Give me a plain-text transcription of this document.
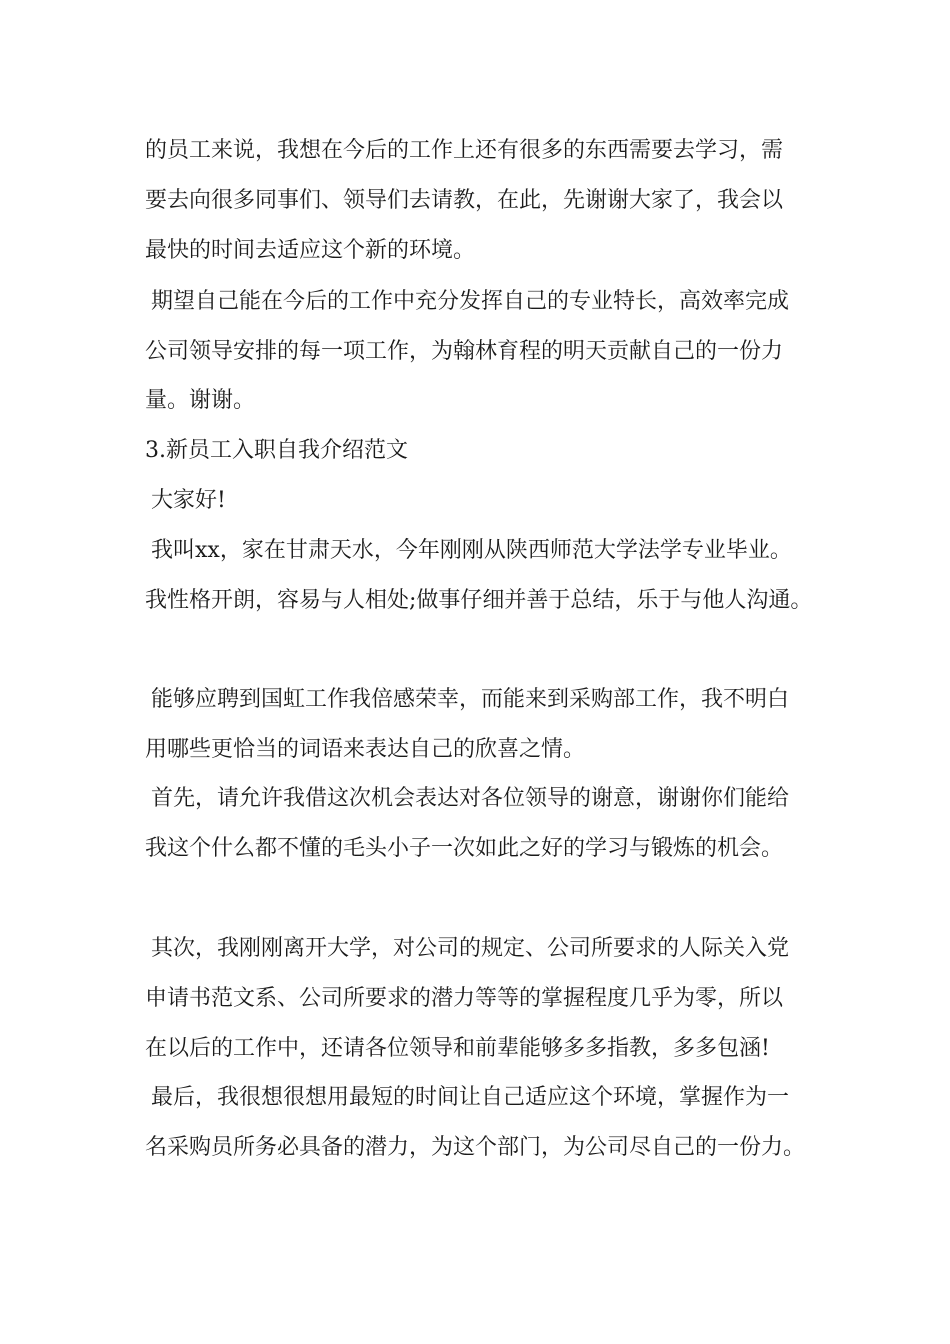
的员工来说，我想在今后的工作上还有很多的东西需要去学习，需
要去向很多同事们、领导们去请教，在此，先谢谢大家了，我会以
最快的时间去适应这个新的环境。
期望自己能在今后的工作中充分发挥自己的专业特长，高效率完成
公司领导安排的每一项工作，为翰林育程的明天贡献自己的一份力
量。谢谢。
3.新员工入职自我介绍范文
大家好!
我叫xx，家在甘肃天水，今年刚刚从陕西师范大学法学专业毕业。
我性格开朗，容易与人相处;做事仔细并善于总结，乐于与他人沟通。
能够应聘到国虹工作我倍感荣幸，而能来到采购部工作，我不明白
用哪些更恰当的词语来表达自己的欣喜之情。
首先，请允许我借这次机会表达对各位领导的谢意，谢谢你们能给
我这个什么都不懂的毛头小子一次如此之好的学习与锻炼的机会。
其次，我刚刚离开大学，对公司的规定、公司所要求的人际关入党
申请书范文系、公司所要求的潜力等等的掌握程度几乎为零，所以
在以后的工作中，还请各位领导和前辈能够多多指教，多多包涵!
最后，我很想很想用最短的时间让自己适应这个环境，掌握作为一
名采购员所务必具备的潜力，为这个部门，为公司尽自己的一份力。
